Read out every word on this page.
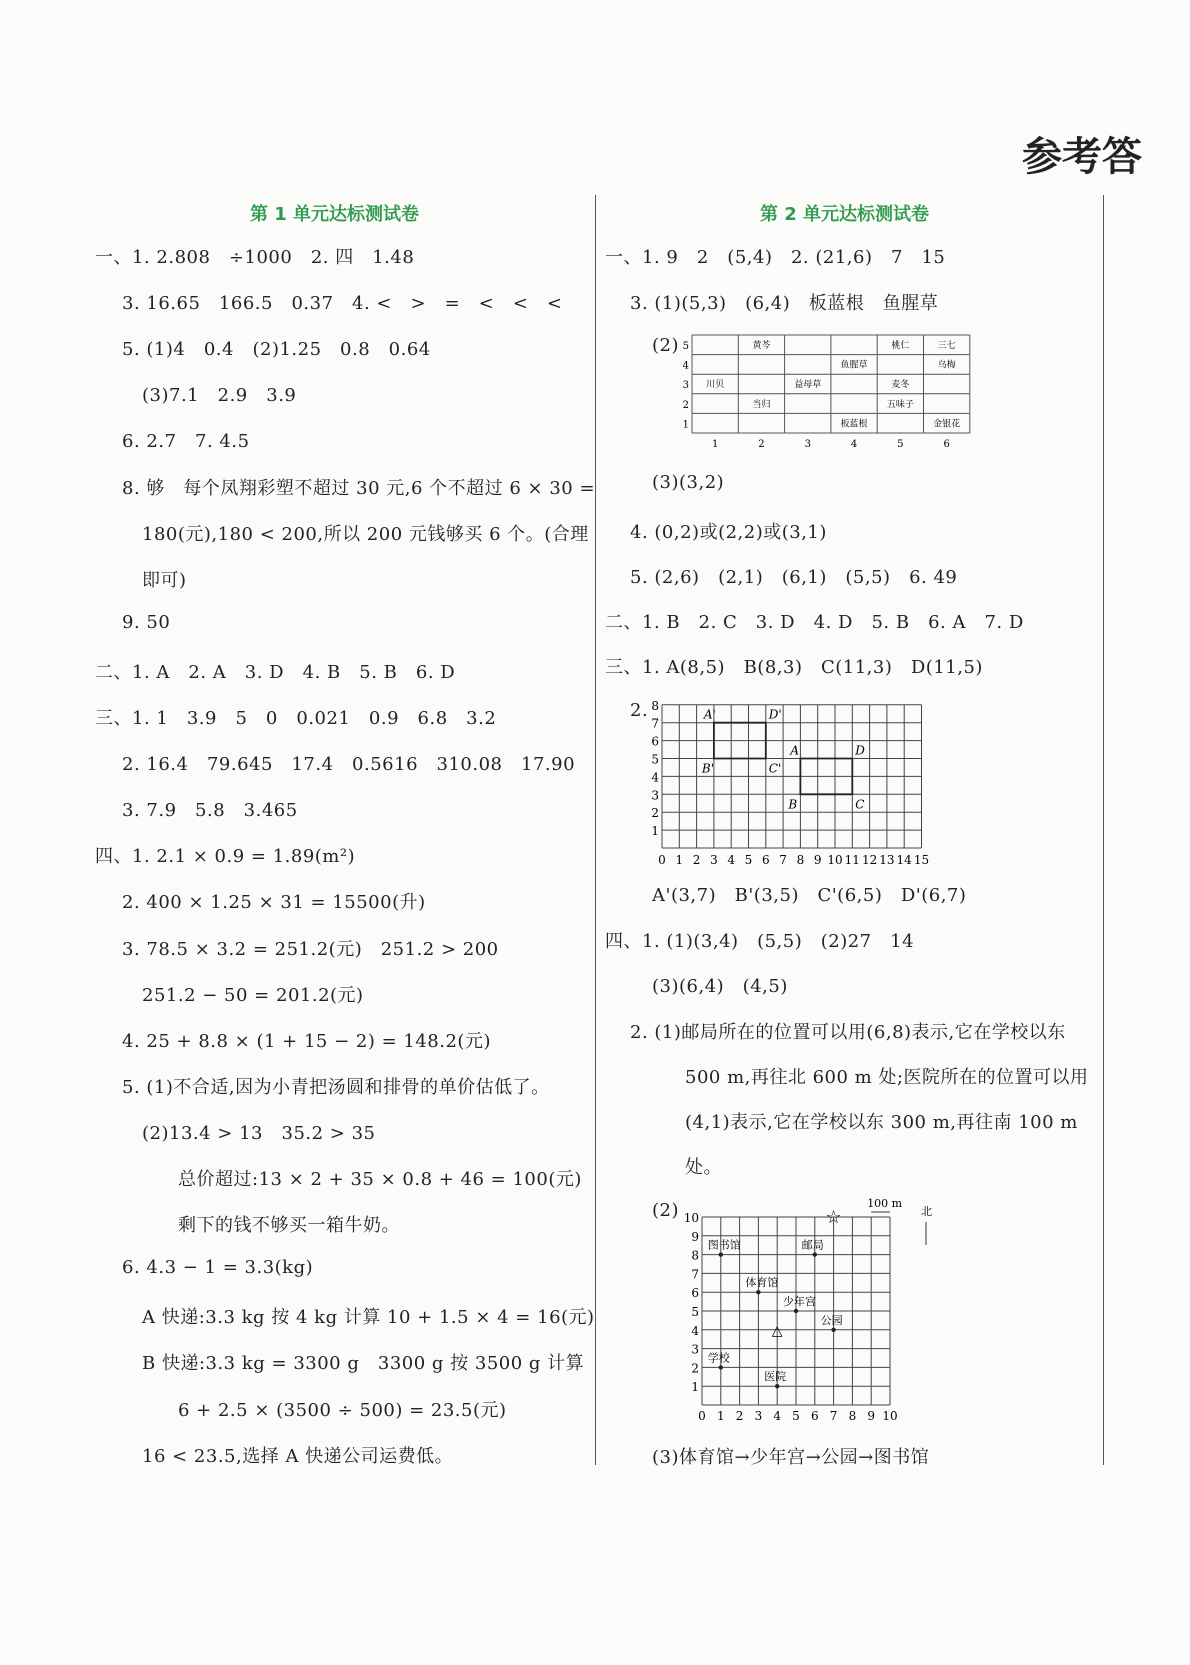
参考答
第 1 单元达标测试卷	第 2 单元达标测试卷
5
4
3
2
1
1	2	3	4	5	6
黄芩	桃仁	三七
鱼腥草	乌梅
川贝	益母草	麦冬
当归	五味子
板蓝根	金银花
0 1 2 3 4 5 6 7 8 9 10 11 12 13 14 15
1
2
3
4
5
6
7
8
A'
B'	C'
D'
A
B	C
D
0 1 2 3 4 5 6 7 8 9 10
1
2
3
4
5
6
7
8
9
10
图书馆	邮局
体育馆
少年宫
公园
学校
医院
☆
△
100 m
北
一、1. 2.808　÷1000　2. 四　1.48
3. 16.65　166.5　0.37　4. <　>　=　<　<　<
5. (1)4　0.4　(2)1.25　0.8　0.64
(3)7.1　2.9　3.9
6. 2.7　7. 4.5
8. 够　每个凤翔彩塑不超过 30 元,6 个不超过 6 × 30 =
180(元),180 < 200,所以 200 元钱够买 6 个。(合理
即可)
9. 50
二、1. A　2. A　3. D　4. B　5. B　6. D
三、1. 1　3.9　5　0　0.021　0.9　6.8　3.2
2. 16.4　79.645　17.4　0.5616　310.08　17.90
3. 7.9　5.8　3.465
四、1. 2.1 × 0.9 = 1.89(m²)
2. 400 × 1.25 × 31 = 15500(升)
3. 78.5 × 3.2 = 251.2(元)　251.2 > 200
251.2 − 50 = 201.2(元)
4. 25 + 8.8 × (1 + 15 − 2) = 148.2(元)
5. (1)不合适,因为小青把汤圆和排骨的单价估低了。
(2)13.4 > 13　35.2 > 35
总价超过:13 × 2 + 35 × 0.8 + 46 = 100(元)
剩下的钱不够买一箱牛奶。
6. 4.3 − 1 = 3.3(kg)
A 快递:3.3 kg 按 4 kg 计算 10 + 1.5 × 4 = 16(元)
B 快递:3.3 kg = 3300 g　3300 g 按 3500 g 计算
6 + 2.5 × (3500 ÷ 500) = 23.5(元)
16 < 23.5,选择 A 快递公司运费低。
一、1. 9　2　(5,4)　2. (21,6)　7　15
3. (1)(5,3)　(6,4)　板蓝根　鱼腥草
(2)
(3)(3,2)
4. (0,2)或(2,2)或(3,1)
5. (2,6)　(2,1)　(6,1)　(5,5)　6. 49
二、1. B　2. C　3. D　4. D　5. B　6. A　7. D
三、1. A(8,5)　B(8,3)　C(11,3)　D(11,5)
2.
A'(3,7)　B'(3,5)　C'(6,5)　D'(6,7)
四、1. (1)(3,4)　(5,5)　(2)27　14
(3)(6,4)　(4,5)
2. (1)邮局所在的位置可以用(6,8)表示,它在学校以东
500 m,再往北 600 m 处;医院所在的位置可以用
(4,1)表示,它在学校以东 300 m,再往南 100 m
处。
(2)
(3)体育馆→少年宫→公园→图书馆
